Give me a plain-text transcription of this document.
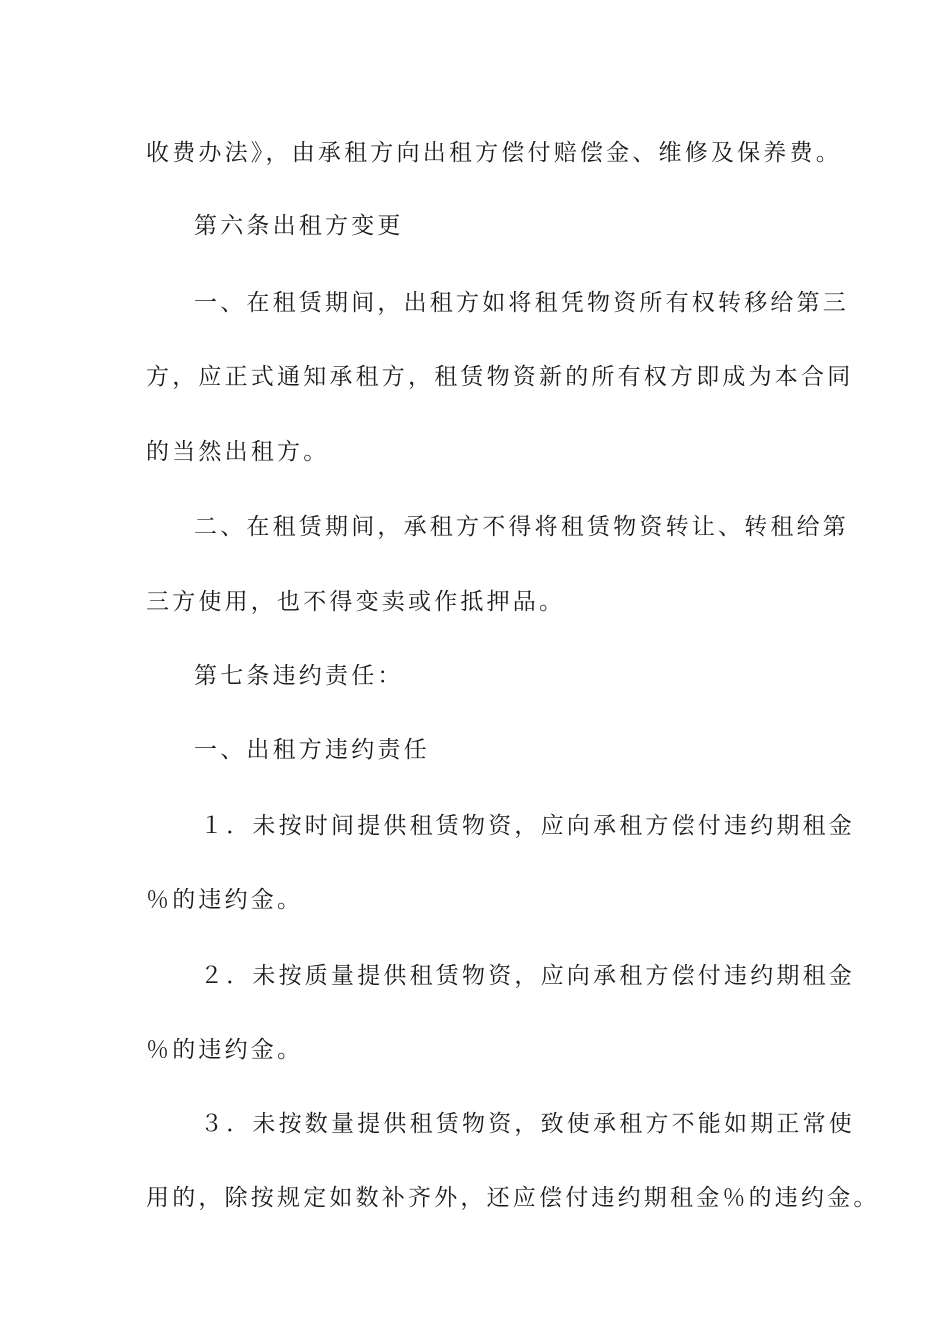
收费办法》，由承租方向出租方偿付赔偿金、维修及保养费。
第六条出租方变更
一、在租赁期间，出租方如将租凭物资所有权转移给第三
方，应正式通知承租方，租赁物资新的所有权方即成为本合同
的当然出租方。
二、在租赁期间，承租方不得将租赁物资转让、转租给第
三方使用，也不得变卖或作抵押品。
第七条违约责任：
一、出租方违约责任
１．未按时间提供租赁物资，应向承租方偿付违约期租金
％的违约金。
２．未按质量提供租赁物资，应向承租方偿付违约期租金
％的违约金。
３．未按数量提供租赁物资，致使承租方不能如期正常使
用的，除按规定如数补齐外，还应偿付违约期租金％的违约金。
